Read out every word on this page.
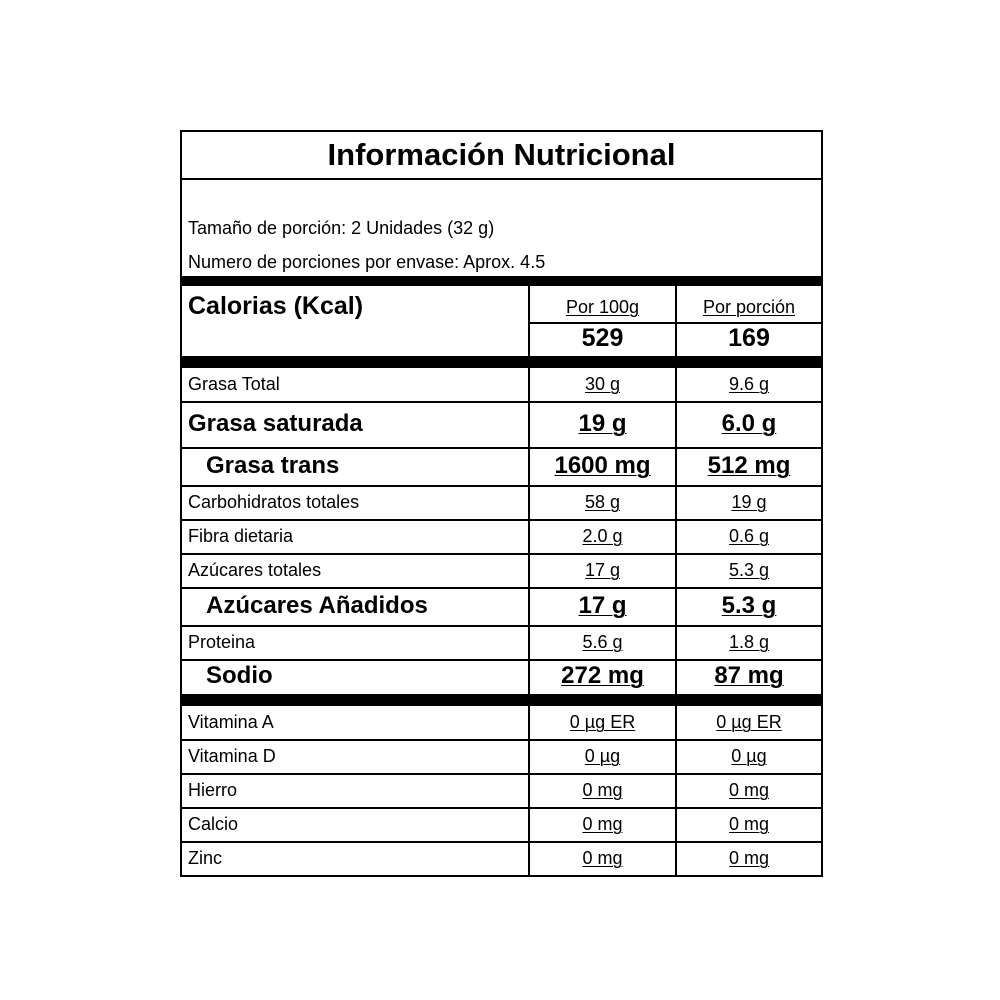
Información Nutricional
Tamaño de porción: 2 Unidades (32 g)
Numero de porciones por envase: Aprox. 4.5
Calorias (Kcal)	Por 100g	Por porción
529	169
Grasa Total	30 g	9.6 g
Grasa saturada	19 g	6.0 g
Grasa trans	1600 mg	512 mg
Carbohidratos totales	58 g	19 g
Fibra dietaria	2.0 g	0.6 g
Azúcares totales	17 g	5.3 g
Azúcares Añadidos	17 g	5.3 g
Proteina	5.6 g	1.8 g
Sodio	272 mg	87 mg
Vitamina A	0 µg ER	0 µg ER
Vitamina D	0 µg	0 µg
Hierro	0 mg	0 mg
Calcio	0 mg	0 mg
Zinc	0 mg	0 mg
